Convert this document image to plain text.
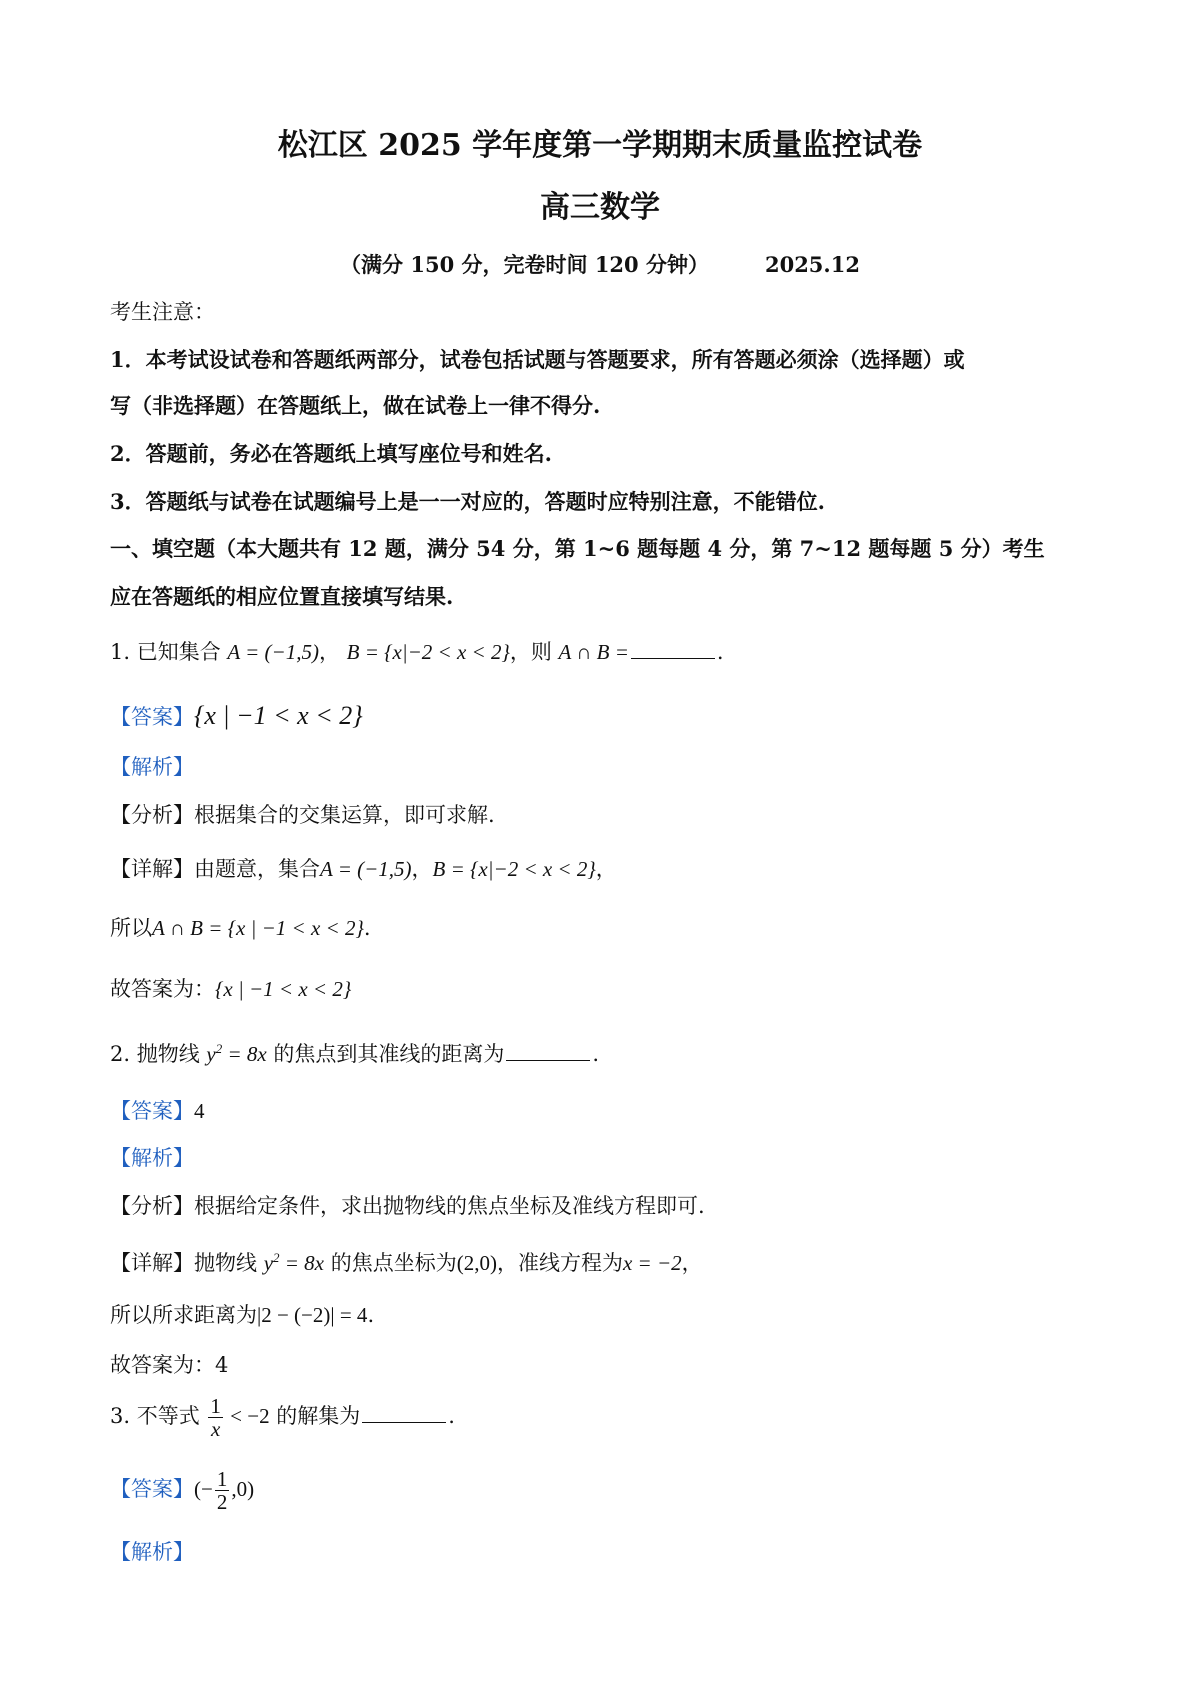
松江区 2025 学年度第一学期期末质量监控试卷
高三数学
（满分 150 分，完卷时间 120 分钟）	2025.12
考生注意：
1．本考试设试卷和答题纸两部分，试卷包括试题与答题要求，所有答题必须涂（选择题）或
写（非选择题）在答题纸上，做在试卷上一律不得分.
2．答题前，务必在答题纸上填写座位号和姓名.
3．答题纸与试卷在试题编号上是一一对应的，答题时应特别注意，不能错位.
一、填空题（本大题共有 12 题，满分 54 分，第 1~6 题每题 4 分，第 7~12 题每题 5 分）考生
应在答题纸的相应位置直接填写结果.
1. 已知集合 A = (−1,5)， B = {x|−2 < x < 2}，则 A ∩ B =	.
【答案】{x | −1 < x < 2}
【解析】
【分析】根据集合的交集运算，即可求解.
【详解】由题意，集合A = (−1,5)，B = {x|−2 < x < 2}，
所以A ∩ B = {x | −1 < x < 2}.
故答案为：{x | −1 < x < 2}
2. 抛物线 $y^2 = 8x$ 的焦点到其准线的距离为	.
【答案】4
【解析】
【分析】根据给定条件，求出抛物线的焦点坐标及准线方程即可.
【详解】抛物线 $y^2 = 8x$ 的焦点坐标为(2,0)，准线方程为x = −2，
所以所求距离为|2 − (−2)| = 4.
故答案为：4
3. 不等式 $\frac{1}{x} < -2$ 的解集为	.
【答案】(− $\frac{1}{2} ,0$)
【解析】
